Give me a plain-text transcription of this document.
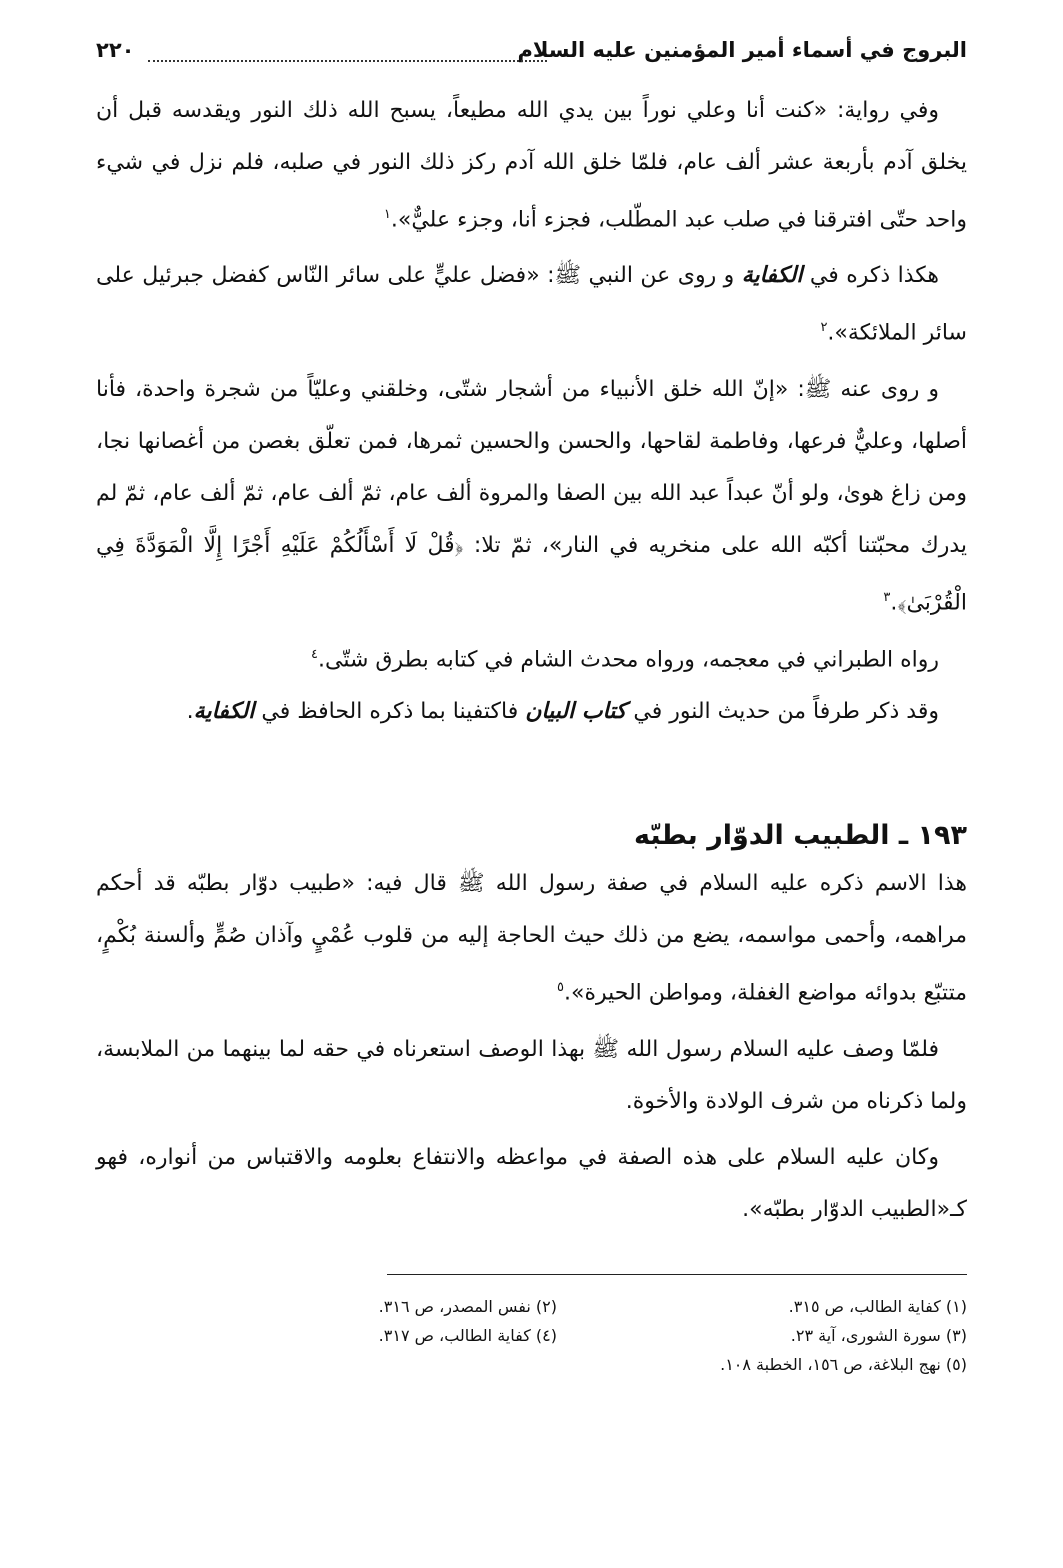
البروج في أسماء أمير المؤمنين عليه السلام
٢٢٠

وفي رواية: «كنت أنا وعلي نوراً بين يدي الله مطيعاً، يسبح الله ذلك النور ويقدسه قبل أن يخلق آدم بأربعة عشر ألف عام، فلمّا خلق الله آدم ركز ذلك النور في صلبه، فلم نزل في شيء واحد حتّى افترقنا في صلب عبد المطّلب، فجزء أنا، وجزء عليٌّ».$^١$

هكذا ذكره في الكفاية و روى عن النبي ﷺ: «فضل عليٍّ على سائر النّاس كفضل جبرئيل على سائر الملائكة».$^٢$

و روى عنه ﷺ: «إنّ الله خلق الأنبياء من أشجار شتّى، وخلقني وعليّاً من شجرة واحدة، فأنا أصلها، وعليٌّ فرعها، وفاطمة لقاحها، والحسن والحسين ثمرها، فمن تعلّق بغصن من أغصانها نجا، ومن زاغ هوىٰ، ولو أنّ عبداً عبد الله بين الصفا والمروة ألف عام، ثمّ ألف عام، ثمّ ألف عام، ثمّ لم يدرك محبّتنا أكبّه الله على منخريه في النار»، ثمّ تلا: ﴿قُلْ لَا أَسْأَلُكُمْ عَلَيْهِ أَجْرًا إِلَّا الْمَوَدَّةَ فِي الْقُرْبَىٰ﴾.$^٣$

رواه الطبراني في معجمه، ورواه محدث الشام في كتابه بطرق شتّى.$^٤$

وقد ذكر طرفاً من حديث النور في كتاب البيان فاكتفينا بما ذكره الحافظ في الكفاية.

١٩٣ ـ الطبيب الدوّار بطبّه

هذا الاسم ذكره عليه السلام في صفة رسول الله ﷺ قال فيه: «طبيب دوّار بطبّه قد أحكم مراهمه، وأحمى مواسمه، يضع من ذلك حيث الحاجة إليه من قلوب عُمْيٍ وآذان صُمٍّ وألسنة بُكْمٍ، متتبّع بدوائه مواضع الغفلة، ومواطن الحيرة».$^٥$

فلمّا وصف عليه السلام رسول الله ﷺ بهذا الوصف استعرناه في حقه لما بينهما من الملابسة، ولما ذكرناه من شرف الولادة والأخوة.

وكان عليه السلام على هذه الصفة في مواعظه والانتفاع بعلومه والاقتباس من أنواره، فهو كـ«الطبيب الدوّار بطبّه».

(١) كفاية الطالب، ص ٣١٥.
(٢) نفس المصدر، ص ٣١٦.
(٣) سورة الشورى، آية ٢٣.
(٤) كفاية الطالب، ص ٣١٧.
(٥) نهج البلاغة، ص ١٥٦، الخطبة ١٠٨.
